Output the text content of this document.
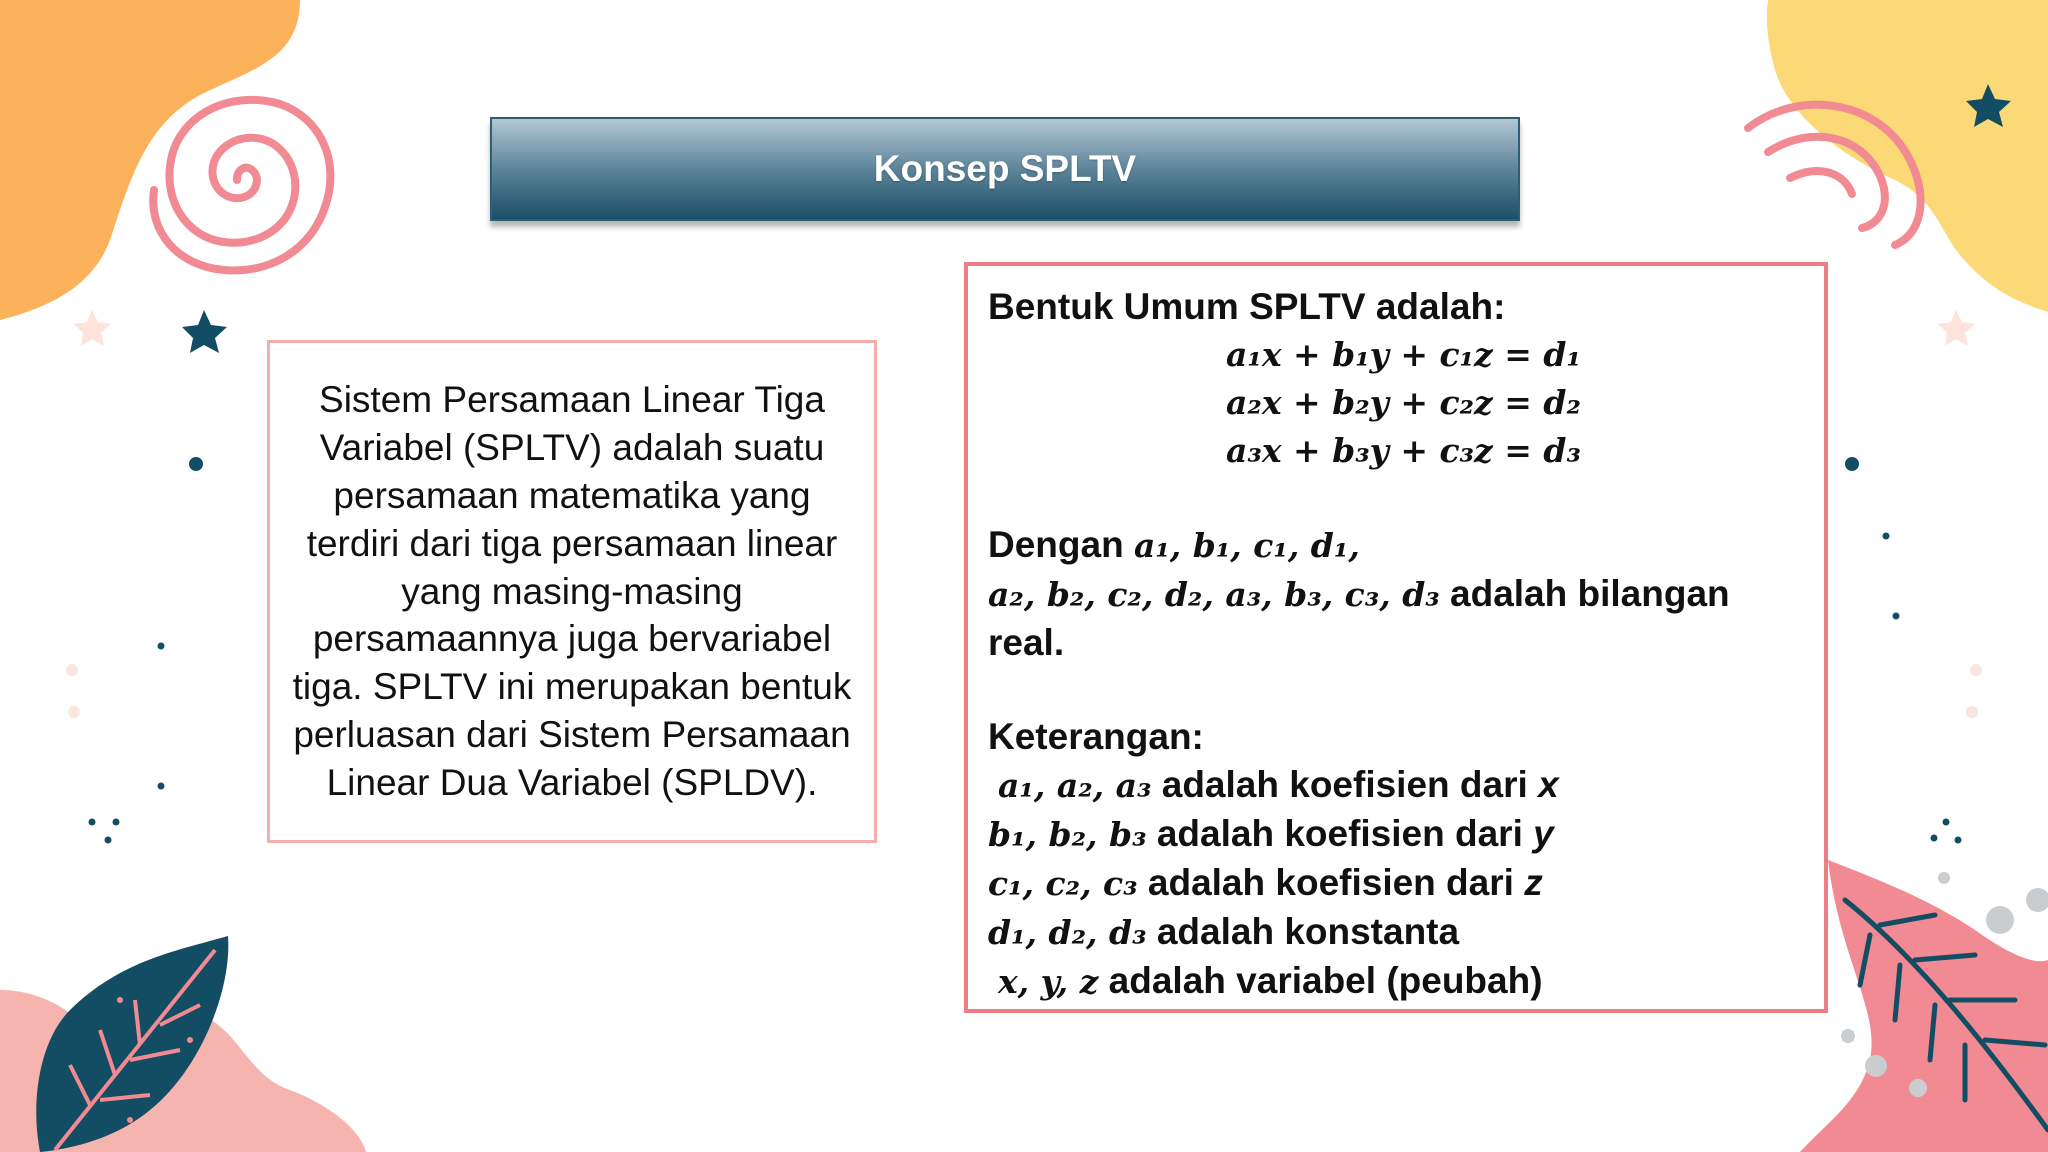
Konsep SPLTV

Sistem Persamaan Linear Tiga Variabel (SPLTV) adalah suatu persamaan matematika yang terdiri dari tiga persamaan linear yang masing-masing persamaannya juga bervariabel tiga. SPLTV ini merupakan bentuk perluasan dari Sistem Persamaan Linear Dua Variabel (SPLDV).

Bentuk Umum SPLTV adalah:

a₁x + b₁y + c₁z = d₁
a₂x + b₂y + c₂z = d₂
a₃x + b₃y + c₃z = d₃

Dengan a₁, b₁, c₁, d₁,
a₂, b₂, c₂, d₂, a₃, b₃, c₃, d₃ adalah bilangan real.

Keterangan:

a₁, a₂, a₃ adalah koefisien dari x
b₁, b₂, b₃ adalah koefisien dari y
c₁, c₂, c₃ adalah koefisien dari z
d₁, d₂, d₃ adalah konstanta
x, y, z adalah variabel (peubah)
